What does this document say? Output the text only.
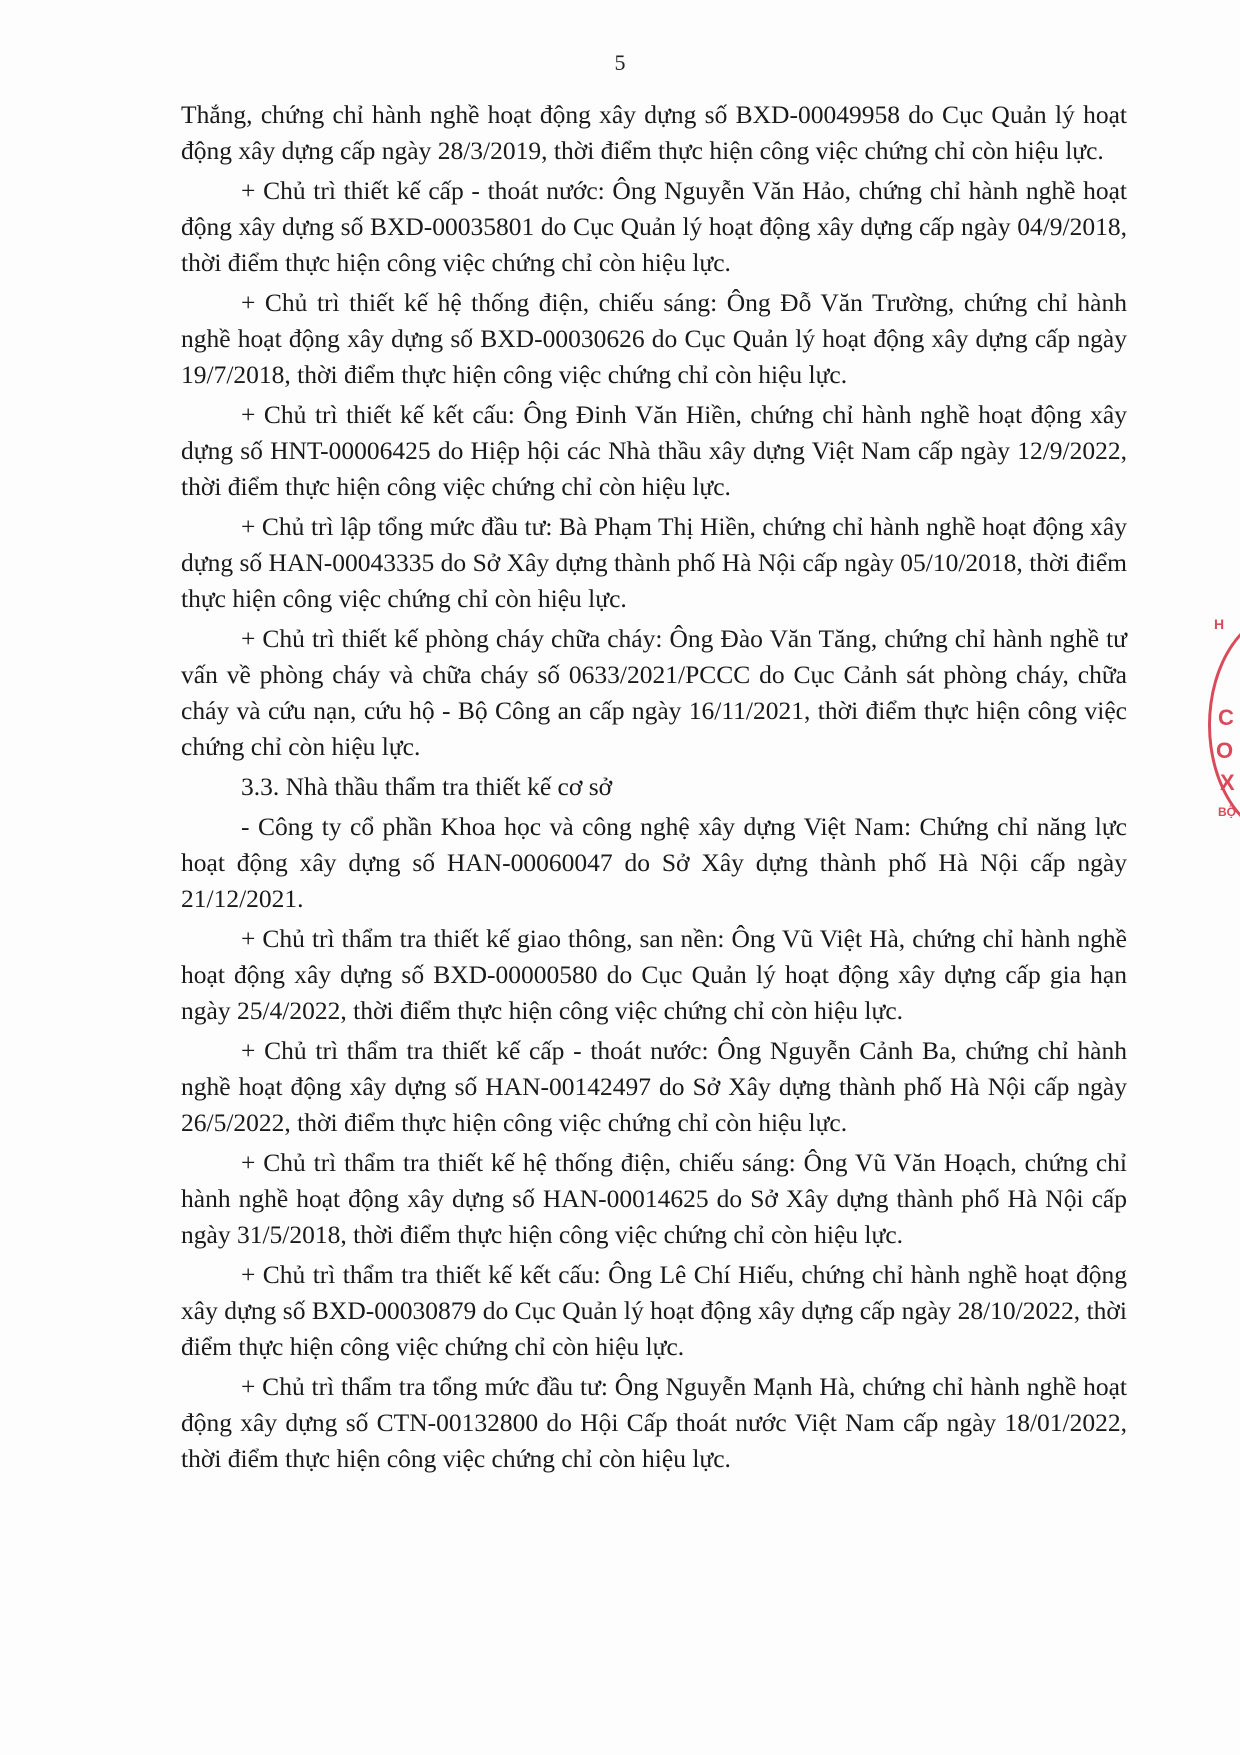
5

Thắng, chứng chỉ hành nghề hoạt động xây dựng số BXD-00049958 do Cục Quản lý hoạt động xây dựng cấp ngày 28/3/2019, thời điểm thực hiện công việc chứng chỉ còn hiệu lực.

+ Chủ trì thiết kế cấp - thoát nước: Ông Nguyễn Văn Hảo, chứng chỉ hành nghề hoạt động xây dựng số BXD-00035801 do Cục Quản lý hoạt động xây dựng cấp ngày 04/9/2018, thời điểm thực hiện công việc chứng chỉ còn hiệu lực.

+ Chủ trì thiết kế hệ thống điện, chiếu sáng: Ông Đỗ Văn Trường, chứng chỉ hành nghề hoạt động xây dựng số BXD-00030626 do Cục Quản lý hoạt động xây dựng cấp ngày 19/7/2018, thời điểm thực hiện công việc chứng chỉ còn hiệu lực.

+ Chủ trì thiết kế kết cấu: Ông Đinh Văn Hiền, chứng chỉ hành nghề hoạt động xây dựng số HNT-00006425 do Hiệp hội các Nhà thầu xây dựng Việt Nam cấp ngày 12/9/2022, thời điểm thực hiện công việc chứng chỉ còn hiệu lực.

+ Chủ trì lập tổng mức đầu tư: Bà Phạm Thị Hiền, chứng chỉ hành nghề hoạt động xây dựng số HAN-00043335 do Sở Xây dựng thành phố Hà Nội cấp ngày 05/10/2018, thời điểm thực hiện công việc chứng chỉ còn hiệu lực.

+ Chủ trì thiết kế phòng cháy chữa cháy: Ông Đào Văn Tăng, chứng chỉ hành nghề tư vấn về phòng cháy và chữa cháy số 0633/2021/PCCC do Cục Cảnh sát phòng cháy, chữa cháy và cứu nạn, cứu hộ - Bộ Công an cấp ngày 16/11/2021, thời điểm thực hiện công việc chứng chỉ còn hiệu lực.

3.3. Nhà thầu thẩm tra thiết kế cơ sở

- Công ty cổ phần Khoa học và công nghệ xây dựng Việt Nam: Chứng chỉ năng lực hoạt động xây dựng số HAN-00060047 do Sở Xây dựng thành phố Hà Nội cấp ngày 21/12/2021.

+ Chủ trì thẩm tra thiết kế giao thông, san nền: Ông Vũ Việt Hà, chứng chỉ hành nghề hoạt động xây dựng số BXD-00000580 do Cục Quản lý hoạt động xây dựng cấp gia hạn ngày 25/4/2022, thời điểm thực hiện công việc chứng chỉ còn hiệu lực.

+ Chủ trì thẩm tra thiết kế cấp - thoát nước: Ông Nguyễn Cảnh Ba, chứng chỉ hành nghề hoạt động xây dựng số HAN-00142497 do Sở Xây dựng thành phố Hà Nội cấp ngày 26/5/2022, thời điểm thực hiện công việc chứng chỉ còn hiệu lực.

+ Chủ trì thẩm tra thiết kế hệ thống điện, chiếu sáng: Ông Vũ Văn Hoạch, chứng chỉ hành nghề hoạt động xây dựng số HAN-00014625 do Sở Xây dựng thành phố Hà Nội cấp ngày 31/5/2018, thời điểm thực hiện công việc chứng chỉ còn hiệu lực.

+ Chủ trì thẩm tra thiết kế kết cấu: Ông Lê Chí Hiếu, chứng chỉ hành nghề hoạt động xây dựng số BXD-00030879 do Cục Quản lý hoạt động xây dựng cấp ngày 28/10/2022, thời điểm thực hiện công việc chứng chỉ còn hiệu lực.

+ Chủ trì thẩm tra tổng mức đầu tư: Ông Nguyễn Mạnh Hà, chứng chỉ hành nghề hoạt động xây dựng số CTN-00132800 do Hội Cấp thoát nước Việt Nam cấp ngày 18/01/2022, thời điểm thực hiện công việc chứng chỉ còn hiệu lực.

H
C
O
X
BỘ
